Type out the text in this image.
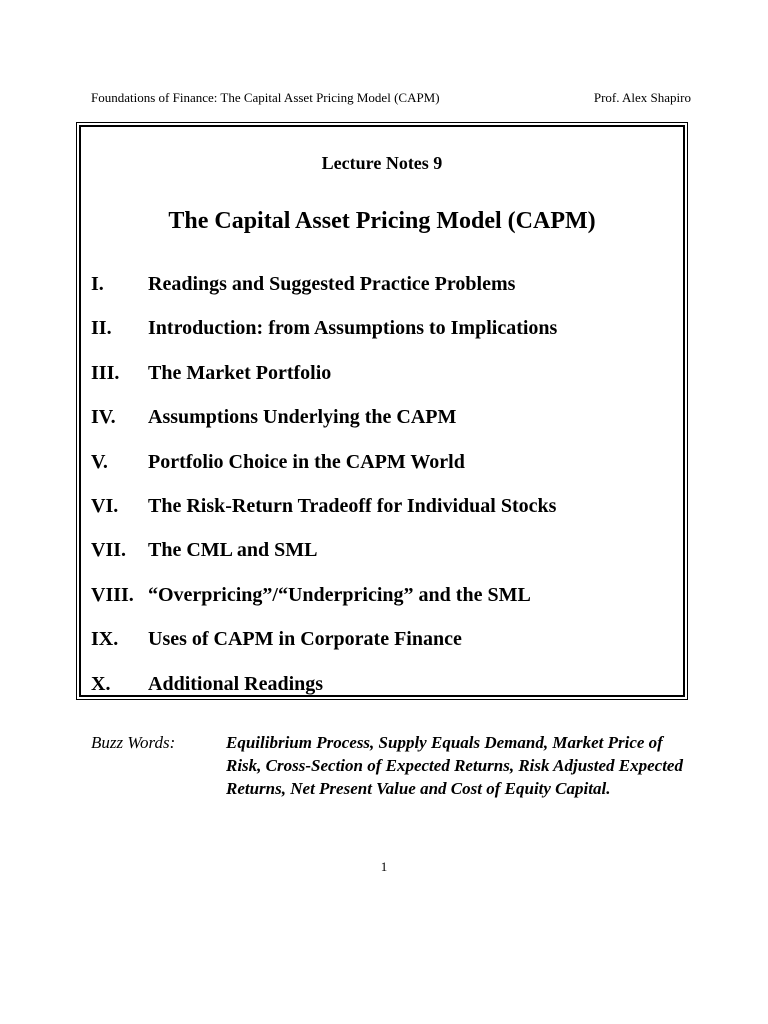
Foundations of Finance: The Capital Asset Pricing Model (CAPM)	Prof. Alex Shapiro
Lecture Notes 9
The Capital Asset Pricing Model (CAPM)
I. Readings and Suggested Practice Problems
II. Introduction: from Assumptions to Implications
III. The Market Portfolio
IV. Assumptions Underlying the CAPM
V. Portfolio Choice in the CAPM World
VI. The Risk-Return Tradeoff for Individual Stocks
VII. The CML and SML
VIII. “Overpricing”/“Underpricing” and the SML
IX. Uses of CAPM in Corporate Finance
X. Additional Readings
Buzz Words:	Equilibrium Process, Supply Equals Demand, Market Price of Risk, Cross-Section of Expected Returns, Risk Adjusted Expected Returns, Net Present Value and Cost of Equity Capital.
1
